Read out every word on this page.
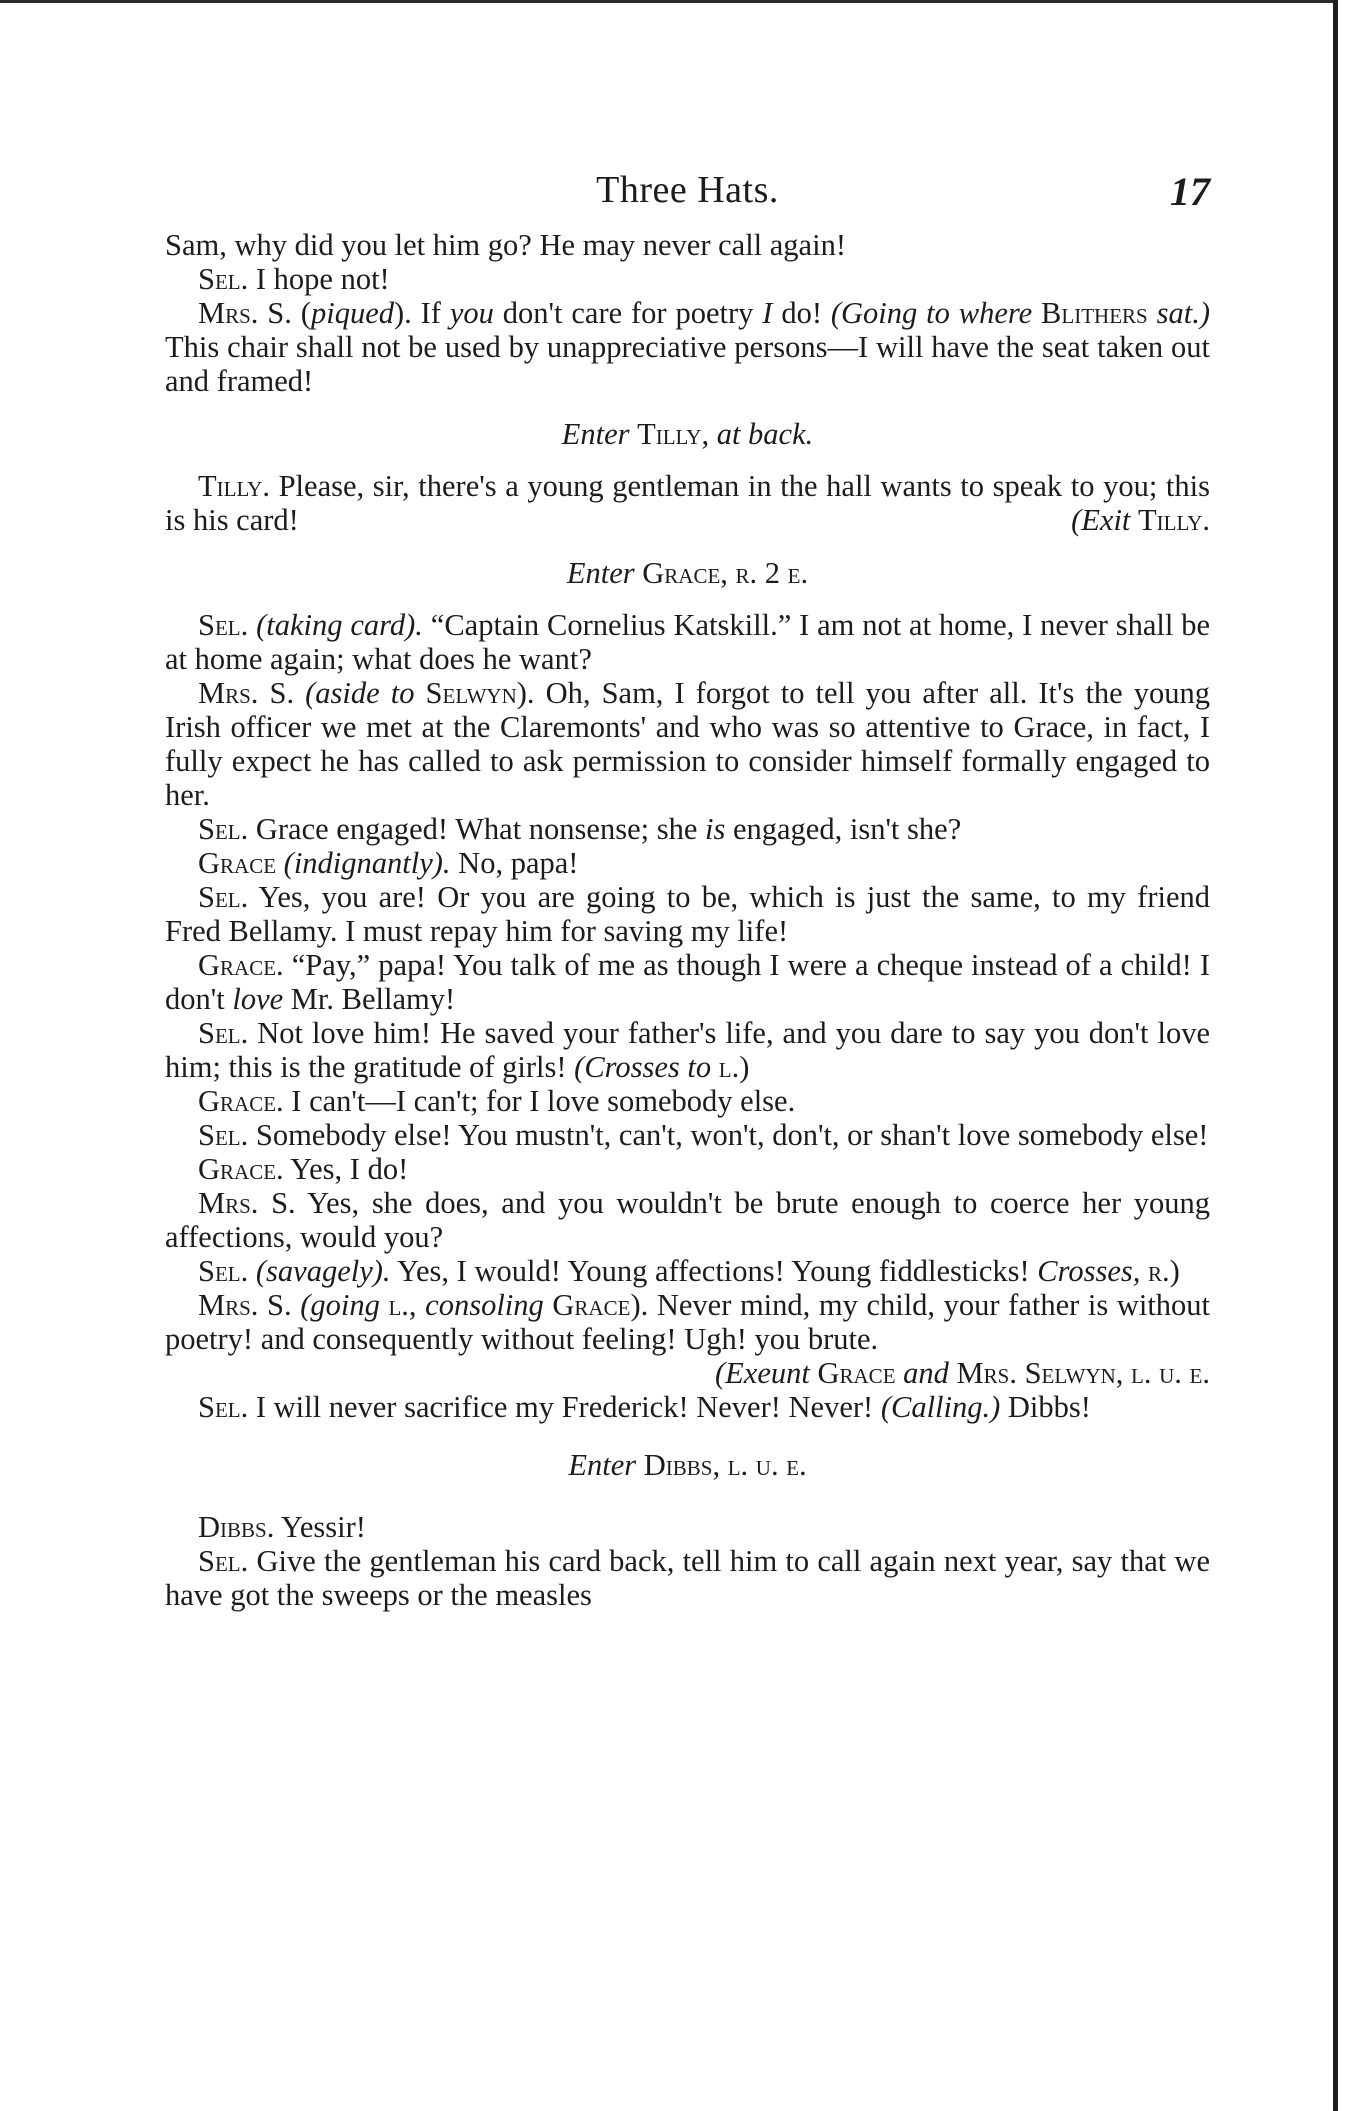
Three Hats.	17

Sam, why did you let him go? He may never call again!

Sel. I hope not!

Mrs. S. (piqued). If you don't care for poetry I do! (Going to where Blithers sat.) This chair shall not be used by unappreciative persons—I will have the seat taken out and framed!

Enter Tilly, at back.

Tilly. Please, sir, there's a young gentleman in the hall wants to speak to you; this is his card!	(Exit Tilly.

Enter Grace, r. 2 e.

Sel. (taking card). “Captain Cornelius Katskill.” I am not at home, I never shall be at home again; what does he want?

Mrs. S. (aside to Selwyn). Oh, Sam, I forgot to tell you after all. It's the young Irish officer we met at the Claremonts' and who was so attentive to Grace, in fact, I fully expect he has called to ask permission to consider himself formally engaged to her.

Sel. Grace engaged! What nonsense; she is engaged, isn't she?

Grace (indignantly). No, papa!

Sel. Yes, you are! Or you are going to be, which is just the same, to my friend Fred Bellamy. I must repay him for saving my life!

Grace. “Pay,” papa! You talk of me as though I were a cheque instead of a child! I don't love Mr. Bellamy!

Sel. Not love him! He saved your father's life, and you dare to say you don't love him; this is the gratitude of girls! (Crosses to l.)

Grace. I can't—I can't; for I love somebody else.

Sel. Somebody else! You mustn't, can't, won't, don't, or shan't love somebody else!

Grace. Yes, I do!

Mrs. S. Yes, she does, and you wouldn't be brute enough to coerce her young affections, would you?

Sel. (savagely). Yes, I would! Young affections! Young fiddlesticks! Crosses, r.)

Mrs. S. (going l., consoling Grace). Never mind, my child, your father is without poetry! and consequently without feeling! Ugh! you brute.

(Exeunt Grace and Mrs. Selwyn, l. u. e.

Sel. I will never sacrifice my Frederick! Never! Never! (Calling.) Dibbs!

Enter Dibbs, l. u. e.

Dibbs. Yessir!

Sel. Give the gentleman his card back, tell him to call again next year, say that we have got the sweeps or the measles
